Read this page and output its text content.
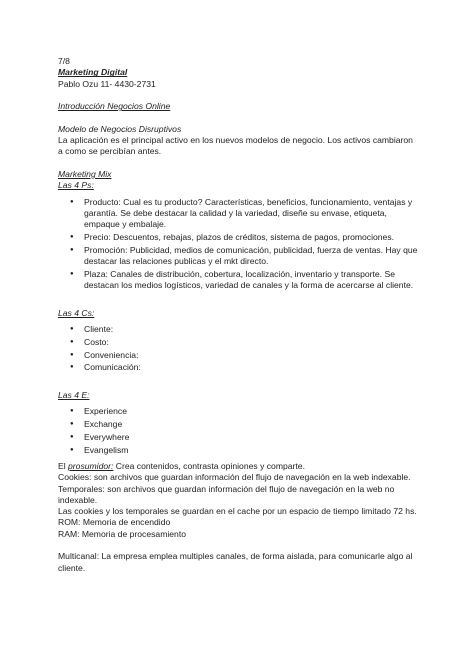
7/8

Marketing Digital

Pablo Ozu 11- 4430-2731

Introducción Negocios Online

Modelo de Negocios Disruptivos

La aplicación es el principal activo en los nuevos modelos de negocio. Los activos cambiaron a como se percibían antes.

Marketing Mix

Las 4 Ps:

● Producto: Cual es tu producto? Características, beneficios, funcionamiento, ventajas y garantía. Se debe destacar la calidad y la variedad, diseñe su envase, etiqueta, empaque y embalaje.
● Precio: Descuentos, rebajas, plazos de créditos, sistema de pagos, promociones.
● Promoción: Publicidad, medios de comunicación, publicidad, fuerza de ventas. Hay que destacar las relaciones publicas y el mkt directo.
● Plaza: Canales de distribución, cobertura, localización, inventario y transporte. Se destacan los medios logísticos, variedad de canales y la forma de acercarse al cliente.

Las 4 Cs:

● Cliente:
● Costo:
● Conveniencia:
● Comunicación:

Las 4 E:

● Experience
● Exchange
● Everywhere
● Evangelism

El prosumidor: Crea contenidos, contrasta opiniones y comparte.

Cookies: son archivos que guardan información del flujo de navegación en la web indexable.

Temporales: son archivos que guardan información del flujo de navegación en la web no indexable.

Las cookies y los temporales se guardan en el cache por un espacio de tiempo limitado 72 hs.

ROM: Memoria de encendido

RAM: Memoria de procesamiento

Multicanal: La empresa emplea multiples canales, de forma aislada, para comunicarle algo al cliente.
